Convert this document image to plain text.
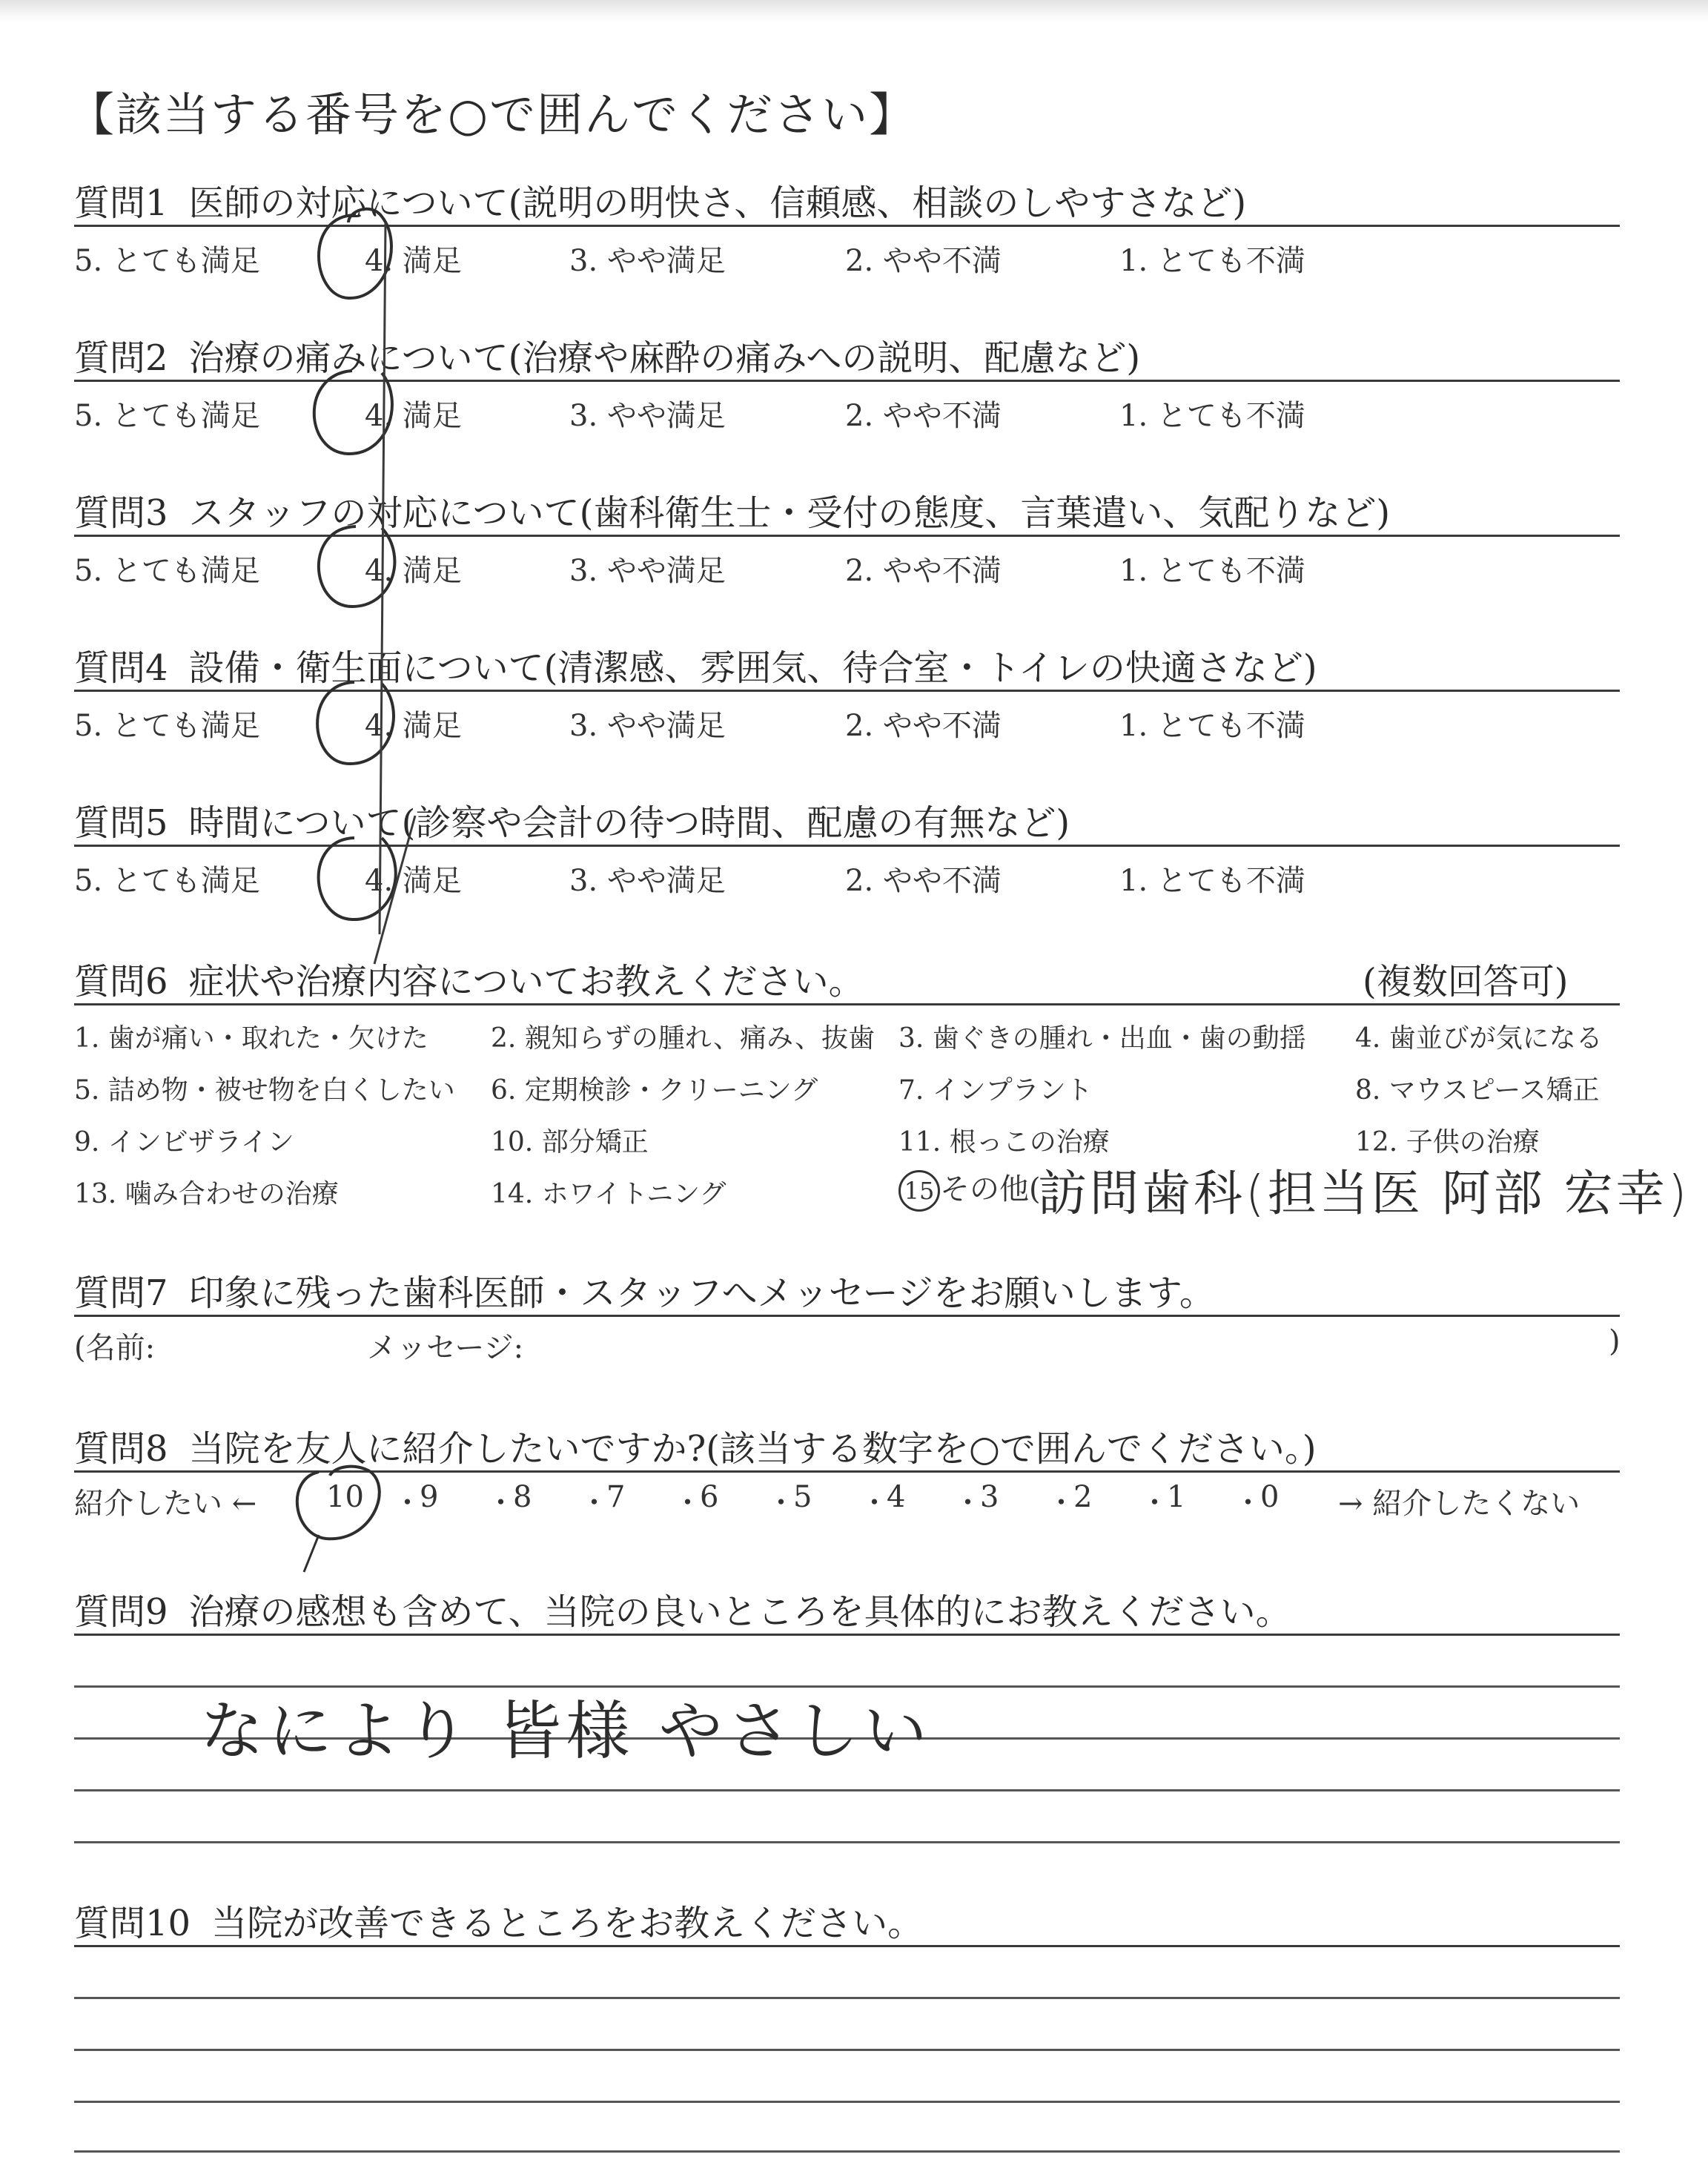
【該当する番号を○で囲んでください】
質問1 医師の対応について(説明の明快さ、信頼感、相談のしやすさなど)
5. とても満足	4. 満足	3. やや満足	2. やや不満	1. とても不満
質問2 治療の痛みについて(治療や麻酔の痛みへの説明、配慮など)
5. とても満足	4. 満足	3. やや満足	2. やや不満	1. とても不満
質問3 スタッフの対応について(歯科衛生士・受付の態度、言葉遣い、気配りなど)
5. とても満足	4. 満足	3. やや満足	2. やや不満	1. とても不満
質問4 設備・衛生面について(清潔感、雰囲気、待合室・トイレの快適さなど)
5. とても満足	4. 満足	3. やや満足	2. やや不満	1. とても不満
質問5 時間について(診察や会計の待つ時間、配慮の有無など)
5. とても満足	4. 満足	3. やや満足	2. やや不満	1. とても不満
質問6 症状や治療内容についてお教えください。	(複数回答可)
1. 歯が痛い・取れた・欠けた 2. 親知らずの腫れ、痛み、抜歯 3. 歯ぐきの腫れ・出血・歯の動揺 4. 歯並びが気になる
5. 詰め物・被せ物を白くしたい 6. 定期検診・クリーニング	7. インプラント	8. マウスピース矯正
9. インビザライン	10. 部分矯正	11. 根っこの治療	12. 子供の治療
13. 噛み合わせの治療	14. ホワイトニング	15 その他(
訪問歯科(担当医 阿部 宏幸)
質問7 印象に残った歯科医師・スタッフへメッセージをお願いします。
(名前:	メッセージ:	)
質問8 当院を友人に紹介したいですか?(該当する数字を○で囲んでください。)
紹介したい ←	→ 紹介したくない
10 ・
9 ・
8 ・
7 ・
6 ・
5 ・
4 ・
3 ・
2 ・
1 ・
0
質問9 治療の感想も含めて、当院の良いところを具体的にお教えください。
なにより 皆様 やさしい
質問10 当院が改善できるところをお教えください。
